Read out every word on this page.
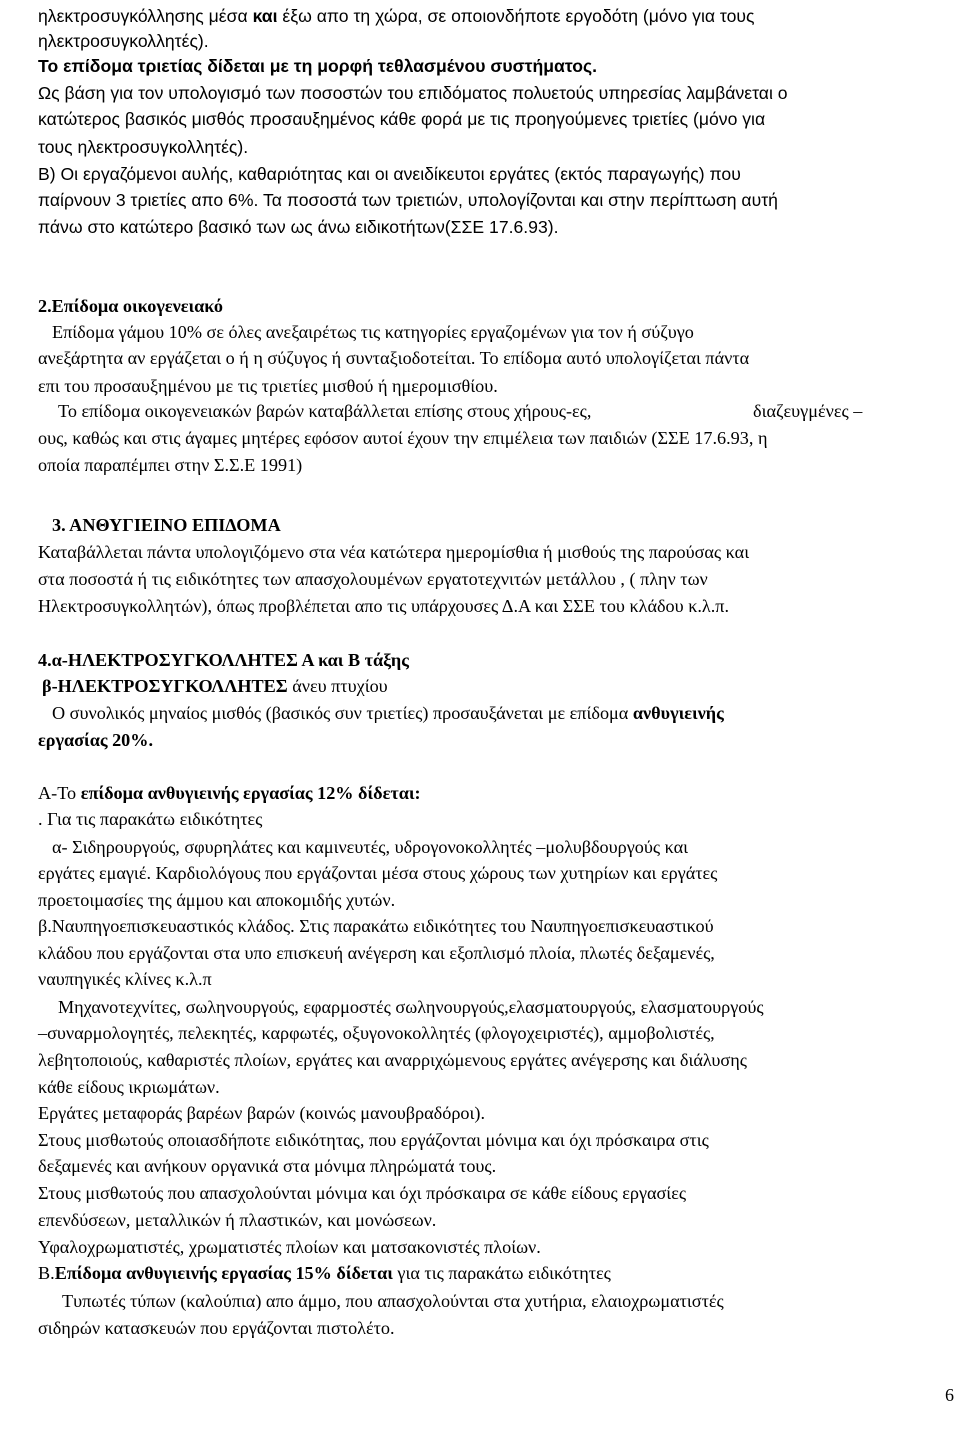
ηλεκτροσυγκόλλησης μέσα και έξω απο τη χώρα, σε οποιονδήποτε εργοδότη (μόνο για τους
ηλεκτροσυγκολλητές).
Το επίδομα τριετίας δίδεται με τη μορφή τεθλασμένου συστήματος.
Ως βάση για τον υπολογισμό των ποσοστών του επιδόματος πολυετούς υπηρεσίας λαμβάνεται ο
κατώτερος βασικός μισθός προσαυξημένος κάθε φορά με τις προηγούμενες τριετίες (μόνο για
τους ηλεκτροσυγκολλητές).
Β) Οι εργαζόμενοι αυλής, καθαριότητας και οι ανειδίκευτοι εργάτες (εκτός παραγωγής) που
παίρνουν 3 τριετίες απο 6%. Τα ποσοστά των τριετιών, υπολογίζονται και στην περίπτωση αυτή
πάνω στο κατώτερο βασικό των ως άνω ειδικοτήτων(ΣΣΕ 17.6.93).
2.Επίδομα οικογενειακό
Επίδομα γάμου 10% σε όλες ανεξαιρέτως τις κατηγορίες εργαζομένων για τον ή σύζυγο
ανεξάρτητα αν εργάζεται ο ή η σύζυγος ή συνταξιοδοτείται. Το επίδομα αυτό υπολογίζεται πάντα
επι του προσαυξημένου με τις τριετίες μισθού ή ημερομισθίου.
Το επίδομα οικογενειακών βαρών καταβάλλεται επίσης στους χήρους-ες,	διαζευγμένες –
ους, καθώς και στις άγαμες μητέρες εφόσον αυτοί έχουν την επιμέλεια των παιδιών (ΣΣΕ 17.6.93, η
οποία παραπέμπει στην Σ.Σ.Ε 1991)
3. ΑΝΘΥΓΙΕΙΝΟ ΕΠΙΔΟΜΑ
Καταβάλλεται πάντα υπολογιζόμενο στα νέα κατώτερα ημερομίσθια ή μισθούς της παρούσας και
στα ποσοστά ή τις ειδικότητες των απασχολουμένων εργατοτεχνιτών μετάλλου , ( πλην των
Ηλεκτροσυγκολλητών), όπως προβλέπεται απο τις υπάρχουσες Δ.Α και ΣΣΕ του κλάδου κ.λ.π.
4.α-ΗΛΕΚΤΡΟΣΥΓΚΟΛΛΗΤΕΣ Α και Β τάξης
β-ΗΛΕΚΤΡΟΣΥΓΚΟΛΛΗΤΕΣ άνευ πτυχίου
Ο συνολικός μηναίος μισθός (βασικός συν τριετίες) προσαυξάνεται με επίδομα ανθυγιεινής
εργασίας 20%.
Α-Το επίδομα ανθυγιεινής εργασίας 12% δίδεται:
. Για τις παρακάτω ειδικότητες
α- Σιδηρουργούς, σφυρηλάτες και καμινευτές, υδρογονοκολλητές –μολυβδουργούς και
εργάτες εμαγιέ. Καρδιολόγους που εργάζονται μέσα στους χώρους των χυτηρίων και εργάτες
προετοιμασίες της άμμου και αποκομιδής χυτών.
β.Ναυπηγοεπισκευαστικός κλάδος. Στις παρακάτω ειδικότητες του Ναυπηγοεπισκευαστικού
κλάδου που εργάζονται στα υπο επισκευή ανέγερση και εξοπλισμό πλοία, πλωτές δεξαμενές,
ναυπηγικές κλίνες κ.λ.π
Μηχανοτεχνίτες, σωληνουργούς, εφαρμοστές σωληνουργούς,ελασματουργούς, ελασματουργούς
–συναρμολογητές, πελεκητές, καρφωτές, οξυγονοκολλητές (φλογοχειριστές), αμμοβολιστές,
λεβητοποιούς, καθαριστές πλοίων, εργάτες και αναρριχώμενους εργάτες ανέγερσης και διάλυσης
κάθε είδους ικριωμάτων.
Εργάτες μεταφοράς βαρέων βαρών (κοινώς μανουβραδόροι).
Στους μισθωτούς οποιασδήποτε ειδικότητας, που εργάζονται μόνιμα και όχι πρόσκαιρα στις
δεξαμενές και ανήκουν οργανικά στα μόνιμα πληρώματά τους.
Στους μισθωτούς που απασχολούνται μόνιμα και όχι πρόσκαιρα σε κάθε είδους εργασίες
επενδύσεων, μεταλλικών ή πλαστικών, και μονώσεων.
Υφαλοχρωματιστές, χρωματιστές πλοίων και ματσακονιστές πλοίων.
Β.Επίδομα ανθυγιεινής εργασίας 15% δίδεται για τις παρακάτω ειδικότητες
Τυπωτές τύπων (καλούπια) απο άμμο, που απασχολούνται στα χυτήρια, ελαιοχρωματιστές
σιδηρών κατασκευών που εργάζονται πιστολέτο.
6
